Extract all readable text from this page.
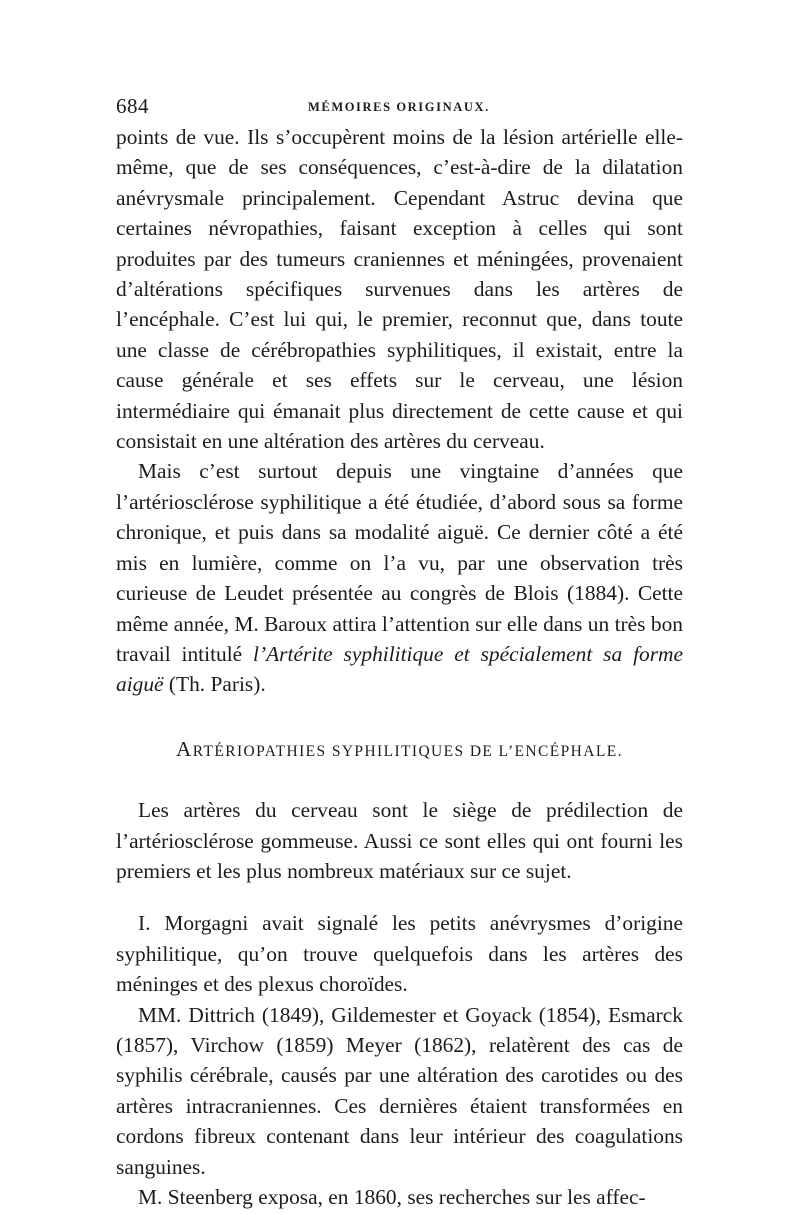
684	MÉMOIRES ORIGINAUX.

points de vue. Ils s’occupèrent moins de la lésion artérielle elle-même, que de ses conséquences, c’est-à-dire de la dilatation anévrysmale principalement. Cependant Astruc devina que certaines névropathies, faisant exception à celles qui sont produites par des tumeurs craniennes et méningées, provenaient d’altérations spécifiques survenues dans les artères de l’encéphale. C’est lui qui, le premier, reconnut que, dans toute une classe de cérébropathies syphilitiques, il existait, entre la cause générale et ses effets sur le cerveau, une lésion intermédiaire qui émanait plus directement de cette cause et qui consistait en une altération des artères du cerveau.

Mais c’est surtout depuis une vingtaine d’années que l’artériosclérose syphilitique a été étudiée, d’abord sous sa forme chronique, et puis dans sa modalité aiguë. Ce dernier côté a été mis en lumière, comme on l’a vu, par une observation très curieuse de Leudet présentée au congrès de Blois (1884). Cette même année, M. Baroux attira l’attention sur elle dans un très bon travail intitulé l’Artérite syphilitique et spécialement sa forme aiguë (Th. Paris).

ARTÉRIOPATHIES SYPHILITIQUES DE L’ENCÉPHALE.

Les artères du cerveau sont le siège de prédilection de l’artériosclérose gommeuse. Aussi ce sont elles qui ont fourni les premiers et les plus nombreux matériaux sur ce sujet.

I. Morgagni avait signalé les petits anévrysmes d’origine syphilitique, qu’on trouve quelquefois dans les artères des méninges et des plexus choroïdes.

MM. Dittrich (1849), Gildemester et Goyack (1854), Esmarck (1857), Virchow (1859) Meyer (1862), relatèrent des cas de syphilis cérébrale, causés par une altération des carotides ou des artères intracraniennes. Ces dernières étaient transformées en cordons fibreux contenant dans leur intérieur des coagulations sanguines.

M. Steenberg exposa, en 1860, ses recherches sur les affec-
